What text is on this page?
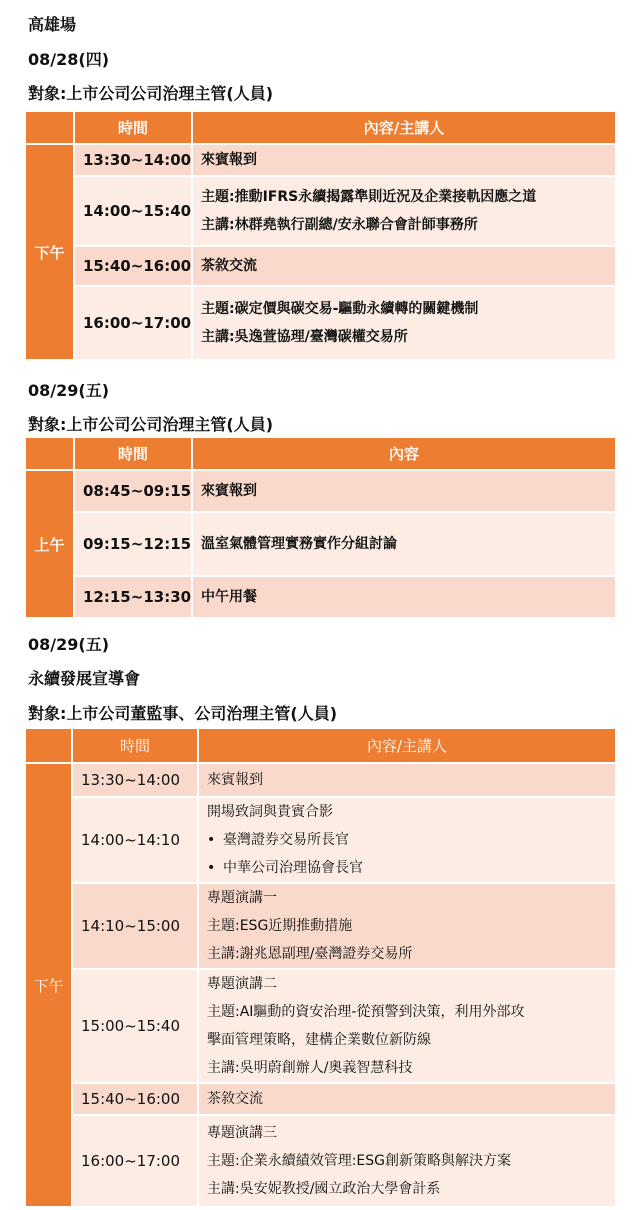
高雄場
08/28(四)
對象:上市公司公司治理主管(人員)
	時間	內容/主講人
下午	13:30~14:00	來賓報到

	14:00~15:40	主題:推動IFRS永續揭露準則近況及企業接軌因應之道
主講:林群堯執行副總/安永聯合會計師事務所

	15:40~16:00	茶敘交流

	16:00~17:00	主題:碳定價與碳交易-驅動永續轉的關鍵機制
主講:吳逸萱協理/臺灣碳權交易所
08/29(五)
對象:上市公司公司治理主管(人員)
	時間	內容
上午	08:45~09:15	來賓報到

	09:15~12:15	溫室氣體管理實務實作分組討論

	12:15~13:30	中午用餐
08/29(五)
永續發展宣導會
對象:上市公司董監事、公司治理主管(人員)
	時間	內容/主講人
下午	13:30~14:00	來賓報到

	14:00~14:10	開場致詞與貴賓合影
• 臺灣證券交易所長官
• 中華公司治理協會長官

	14:10~15:00	專題演講一
主題:ESG近期推動措施
主講:謝兆恩副理/臺灣證券交易所

	15:00~15:40	專題演講二
主題:AI驅動的資安治理-從預警到決策，利用外部攻
擊面管理策略，建構企業數位新防線
主講:吳明蔚創辦人/奧義智慧科技

	15:40~16:00	茶敘交流

	16:00~17:00	專題演講三
主題:企業永續績效管理:ESG創新策略與解決方案
主講:吳安妮教授/國立政治大學會計系
